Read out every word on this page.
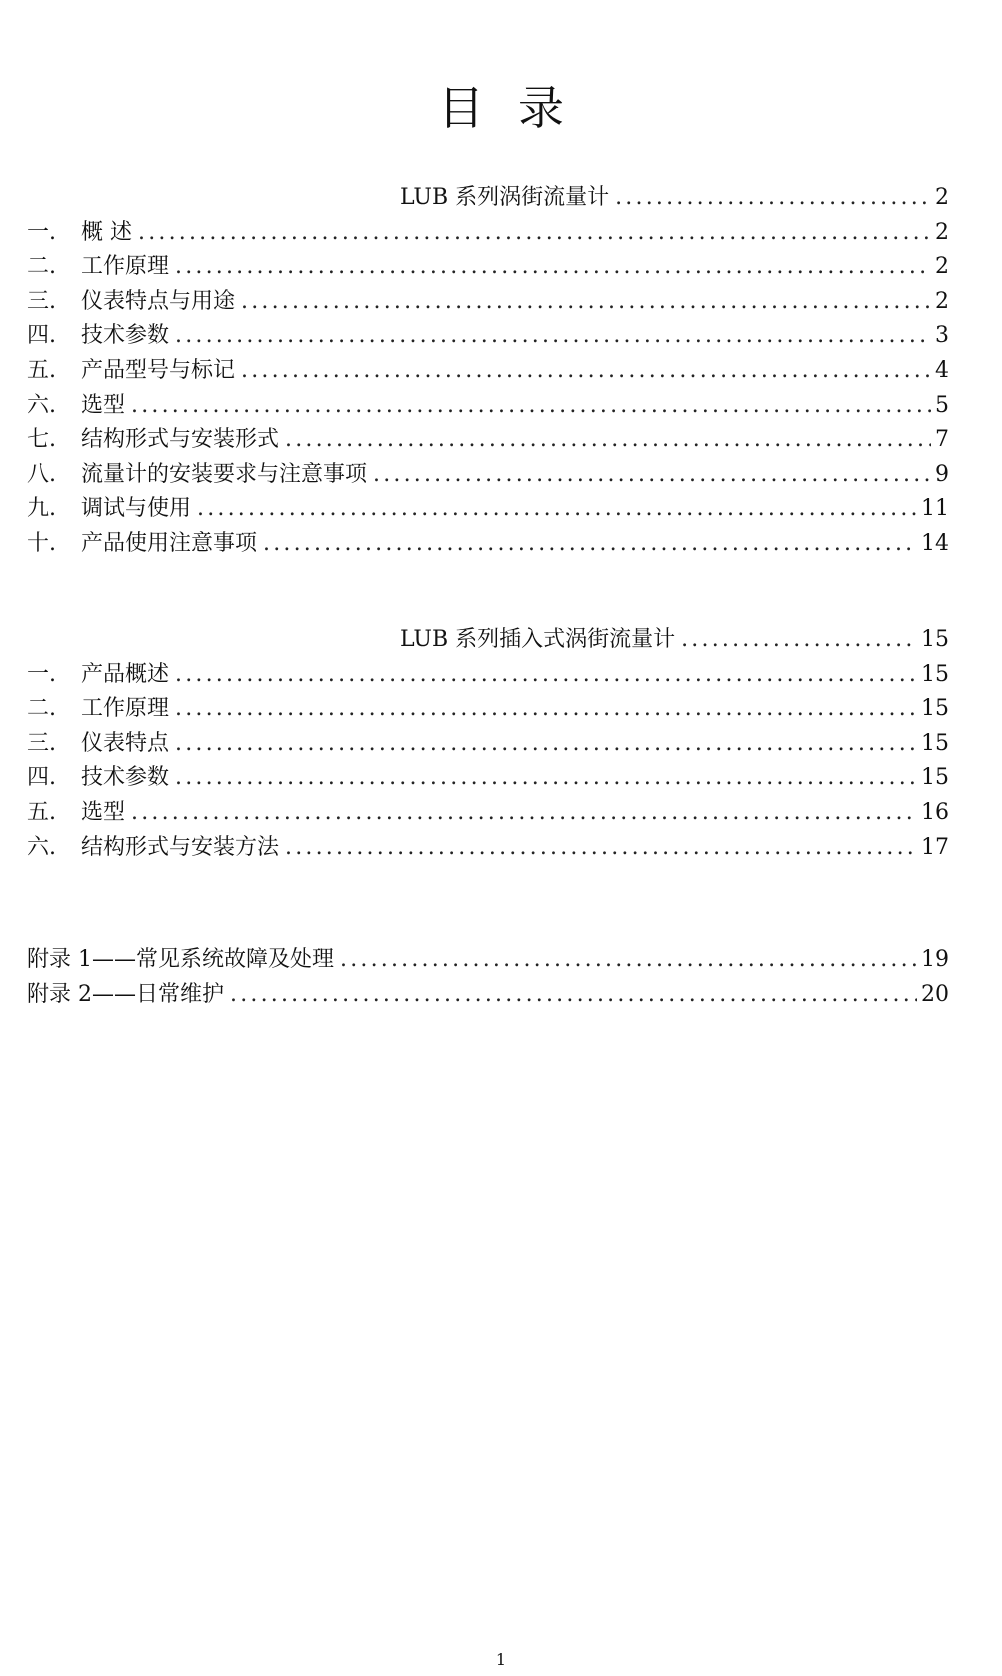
目录
LUB 系列涡街流量计 .....	2
一.	概 述 .....	2
二.	工作原理 .....	2
三.	仪表特点与用途 .....	2
四.	技术参数 .....	3
五.	产品型号与标记 .....	4
六.	选型 .....	5
七.	结构形式与安装形式 .....	7
八.	流量计的安装要求与注意事项 .....	9
九.	调试与使用 .....	11
十.	产品使用注意事项 .....	14
LUB 系列插入式涡街流量计 .....	15
一.	产品概述 .....	15
二.	工作原理 .....	15
三.	仪表特点 .....	15
四.	技术参数 .....	15
五.	选型 .....	16
六.	结构形式与安装方法 .....	17
附录 1——常见系统故障及处理 .....	19
附录 2——日常维护 .....	20
1
